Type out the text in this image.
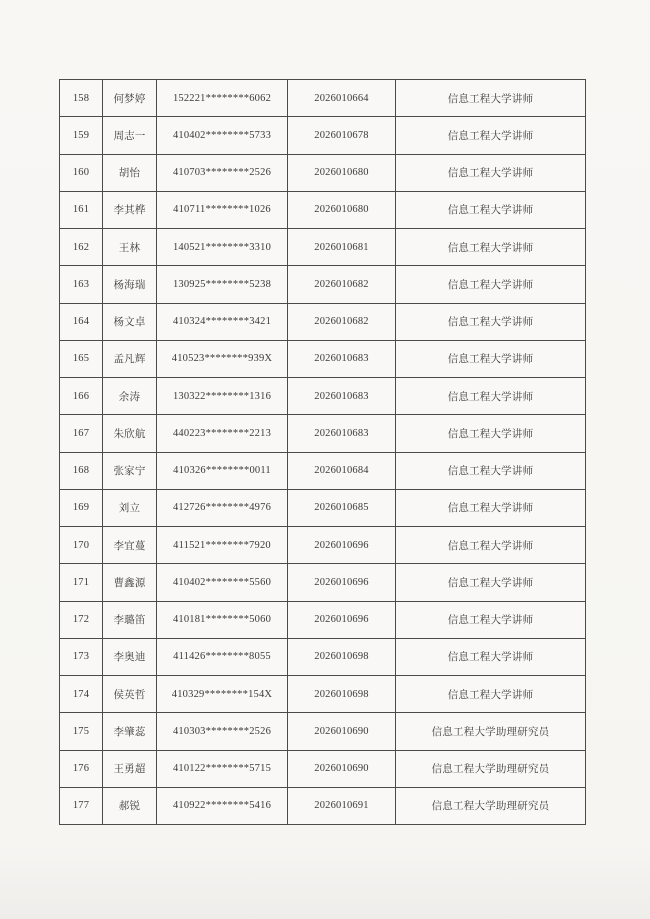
158	何梦婷	152221********6062	2026010664	信息工程大学讲师
159	周志一	410402********5733	2026010678	信息工程大学讲师
160	胡怡	410703********2526	2026010680	信息工程大学讲师
161	李其桦	410711********1026	2026010680	信息工程大学讲师
162	王林	140521********3310	2026010681	信息工程大学讲师
163	杨海瑞	130925********5238	2026010682	信息工程大学讲师
164	杨文卓	410324********3421	2026010682	信息工程大学讲师
165	孟凡辉	410523********939X	2026010683	信息工程大学讲师
166	余涛	130322********1316	2026010683	信息工程大学讲师
167	朱欣航	440223********2213	2026010683	信息工程大学讲师
168	张家宁	410326********0011	2026010684	信息工程大学讲师
169	刘立	412726********4976	2026010685	信息工程大学讲师
170	李宜蔓	411521********7920	2026010696	信息工程大学讲师
171	曹鑫源	410402********5560	2026010696	信息工程大学讲师
172	李璐笛	410181********5060	2026010696	信息工程大学讲师
173	李奥迪	411426********8055	2026010698	信息工程大学讲师
174	侯英哲	410329********154X	2026010698	信息工程大学讲师
175	李肇蕊	410303********2526	2026010690	信息工程大学助理研究员
176	王勇超	410122********5715	2026010690	信息工程大学助理研究员
177	郝锐	410922********5416	2026010691	信息工程大学助理研究员
